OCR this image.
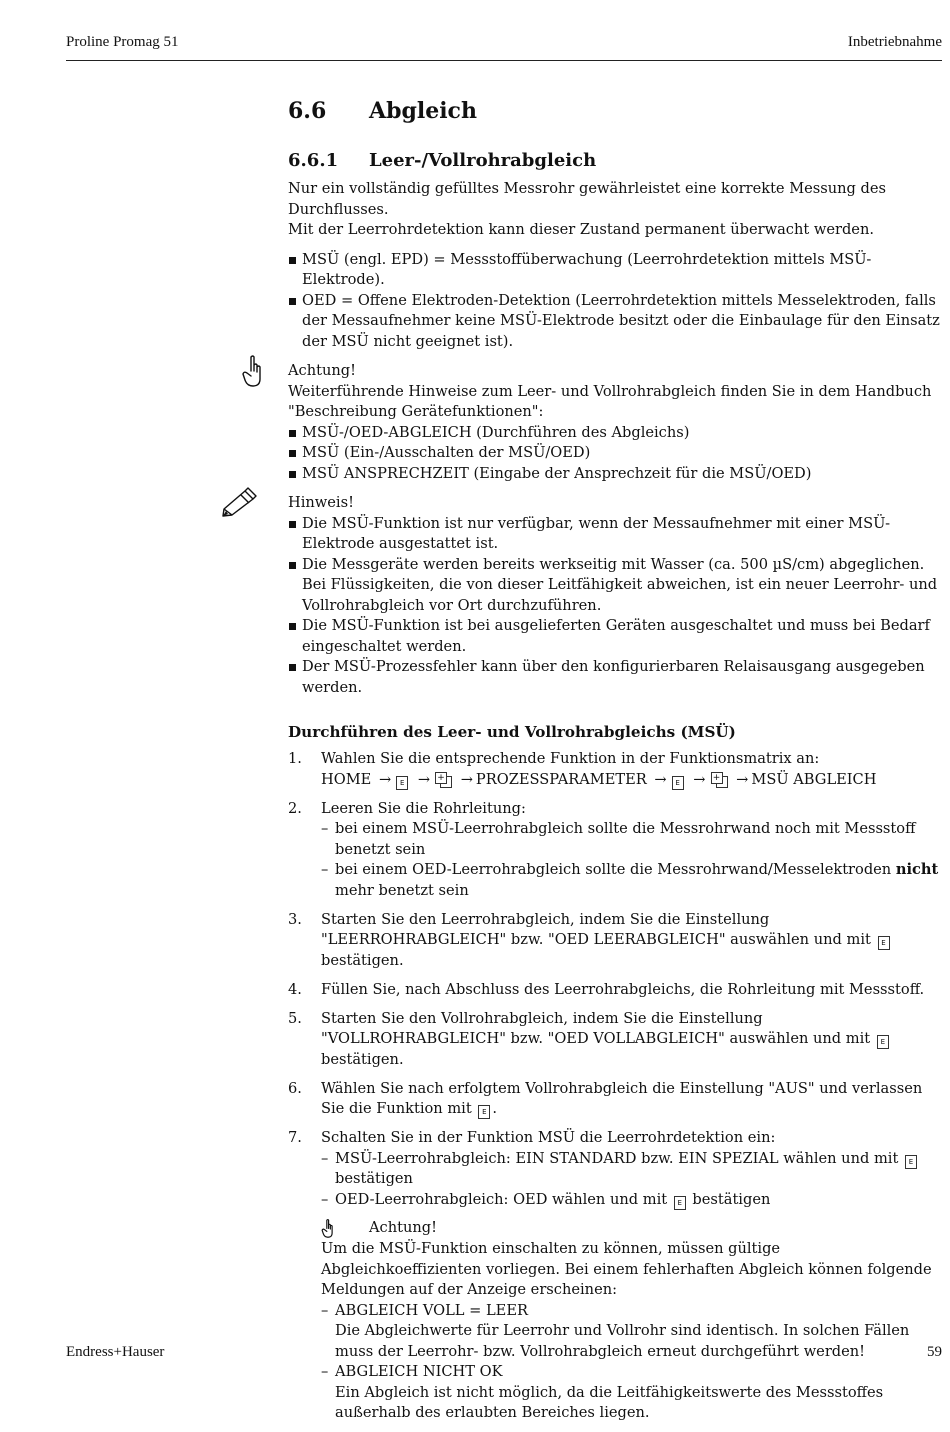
Proline Promag 51	Inbetriebnahme
6.6	Abgleich
6.6.1	Leer-/Vollrohrabgleich

Nur ein vollständig gefülltes Messrohr gewährleistet eine korrekte Messung des Durchflusses.

Mit der Leerrohrdetektion kann dieser Zustand permanent überwacht werden.

MSÜ (engl. EPD) = Messstoffüberwachung (Leerrohrdetektion mittels MSÜ-Elektrode).
OED = Offene Elektroden-Detektion (Leerrohrdetektion mittels Messelektroden, falls der Messaufnehmer keine MSÜ-Elektrode besitzt oder die Einbaulage für den Einsatz der MSÜ nicht geeignet ist).

Achtung!

Weiterführende Hinweise zum Leer- und Vollrohrabgleich finden Sie in dem Handbuch "Beschreibung Gerätefunktionen":

MSÜ-/OED-ABGLEICH (Durchführen des Abgleichs)
MSÜ (Ein-/Ausschalten der MSÜ/OED)
MSÜ ANSPRECHZEIT (Eingabe der Ansprechzeit für die MSÜ/OED)

Hinweis!

Die MSÜ-Funktion ist nur verfügbar, wenn der Messaufnehmer mit einer MSÜ-Elektrode ausgestattet ist.
Die Messgeräte werden bereits werkseitig mit Wasser (ca. 500 µS/cm) abgeglichen.
Bei Flüssigkeiten, die von dieser Leitfähigkeit abweichen, ist ein neuer Leerrohr- und Vollrohrabgleich vor Ort durchzuführen.
Die MSÜ-Funktion ist bei ausgelieferten Geräten ausgeschaltet und muss bei Bedarf eingeschaltet werden.
Der MSÜ-Prozessfehler kann über den konfigurierbaren Relaisausgang ausgegeben werden.
Durchführen des Leer- und Vollrohrabgleichs (MSÜ)
1. Wahlen Sie die entsprechende Funktion in der Funktionsmatrix an:
HOME → E → + → PROZESSPARAMETER → E → + → MSÜ ABGLEICH
2. Leeren Sie die Rohrleitung:
– bei einem MSÜ-Leerrohrabgleich sollte die Messrohrwand noch mit Messstoff benetzt sein
– bei einem OED-Leerrohrabgleich sollte die Messrohrwand/Messelektroden nicht mehr benetzt sein
3. Starten Sie den Leerrohrabgleich, indem Sie die Einstellung "LEERROHRABGLEICH" bzw. "OED LEERABGLEICH" auswählen und mit E bestätigen.
4. Füllen Sie, nach Abschluss des Leerrohrabgleichs, die Rohrleitung mit Messstoff.
5. Starten Sie den Vollrohrabgleich, indem Sie die Einstellung "VOLLROHRABGLEICH" bzw. "OED VOLLABGLEICH" auswählen und mit E bestätigen.
6. Wählen Sie nach erfolgtem Vollrohrabgleich die Einstellung "AUS" und verlassen Sie die Funktion mit E .
7. Schalten Sie in der Funktion MSÜ die Leerrohrdetektion ein:
– MSÜ-Leerrohrabgleich: EIN STANDARD bzw. EIN SPEZIAL wählen und mit E bestätigen
– OED-Leerrohrabgleich: OED wählen und mit E bestätigen
Achtung!
Um die MSÜ-Funktion einschalten zu können, müssen gültige Abgleichkoeffizienten vorliegen. Bei einem fehlerhaften Abgleich können folgende Meldungen auf der Anzeige erscheinen:
– ABGLEICH VOLL = LEER
Die Abgleichwerte für Leerrohr und Vollrohr sind identisch. In solchen Fällen muss der Leerrohr- bzw. Vollrohrabgleich erneut durchgeführt werden!
– ABGLEICH NICHT OK
Ein Abgleich ist nicht möglich, da die Leitfähigkeitswerte des Messstoffes außerhalb des erlaubten Bereiches liegen.
Endress+Hauser	59
